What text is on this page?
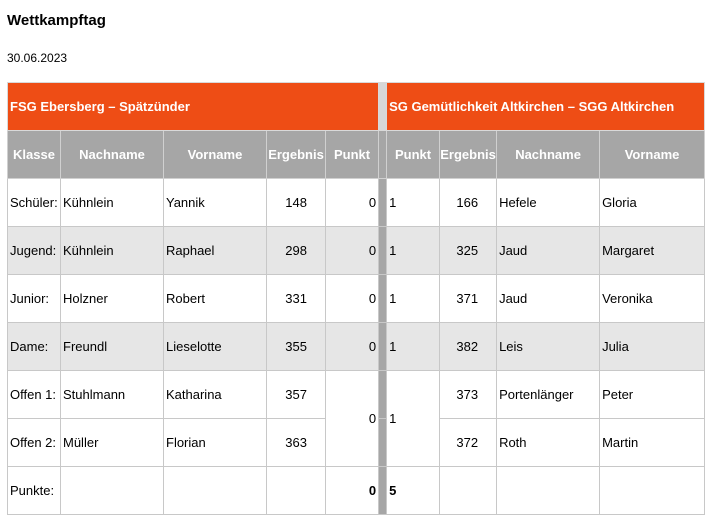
Wettkampftag
30.06.2023
FSG Ebersberg – Spätzünder						SG Gemütlichkeit Altkirchen – SGG Altkirchen			
Klasse	Nachname	Vorname	Ergebnis	Punkt		Punkt	Ergebnis	Nachname	Vorname
Schüler:	Kühnlein	Yannik	148	0		1	166	Hefele	Gloria
Jugend:	Kühnlein	Raphael	298	0		1	325	Jaud	Margaret
Junior:	Holzner	Robert	331	0		1	371	Jaud	Veronika
Dame:	Freundl	Lieselotte	355	0		1	382	Leis	Julia
Offen 1:	Stuhlmann	Katharina	357	0		1	373	Portenlänger	Peter
Offen 2:	Müller	Florian	363				372	Roth	Martin
Punkte:				0		5			
